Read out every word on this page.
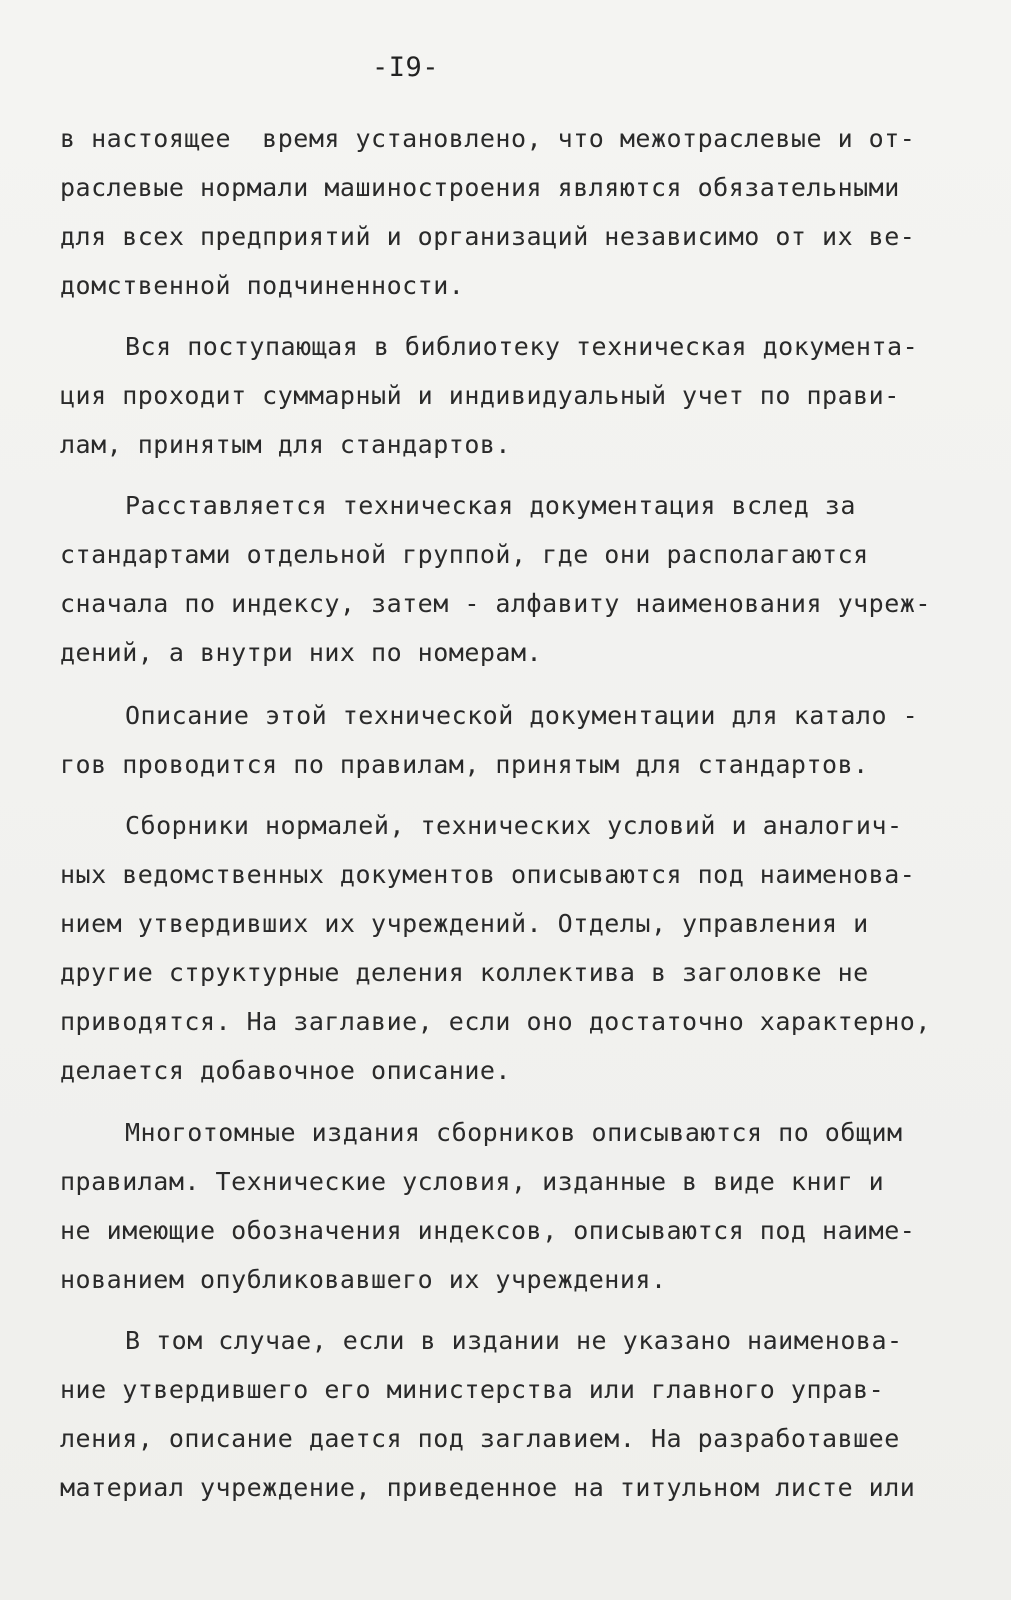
-I9-
в настоящее  время установлено, что межотраслевые и от-
раслевые нормали машиностроения являются обязательными
для всех предприятий и организаций независимо от их ве-
домственной подчиненности.
Вся поступающая в библиотеку техническая документа-
ция проходит суммарный и индивидуальный учет по прави-
лам, принятым для стандартов.
Расставляется техническая документация вслед за
стандартами отдельной группой, где они располагаются
сначала по индексу, затем - алфавиту наименования учреж-
дений, а внутри них по номерам.
Описание этой технической документации для катало -
гов проводится по правилам, принятым для стандартов.
Сборники нормалей, технических условий и аналогич-
ных ведомственных документов описываются под наименова-
нием утвердивших их учреждений. Отделы, управления и
другие структурные деления коллектива в заголовке не
приводятся. На заглавие, если оно достаточно характерно,
делается добавочное описание.
Многотомные издания сборников описываются по общим
правилам. Технические условия, изданные в виде книг и
не имеющие обозначения индексов, описываются под наиме-
нованием опубликовавшего их учреждения.
В том случае, если в издании не указано наименова-
ние утвердившего его министерства или главного управ-
ления, описание дается под заглавием. На разработавшее
материал учреждение, приведенное на титульном листе или
